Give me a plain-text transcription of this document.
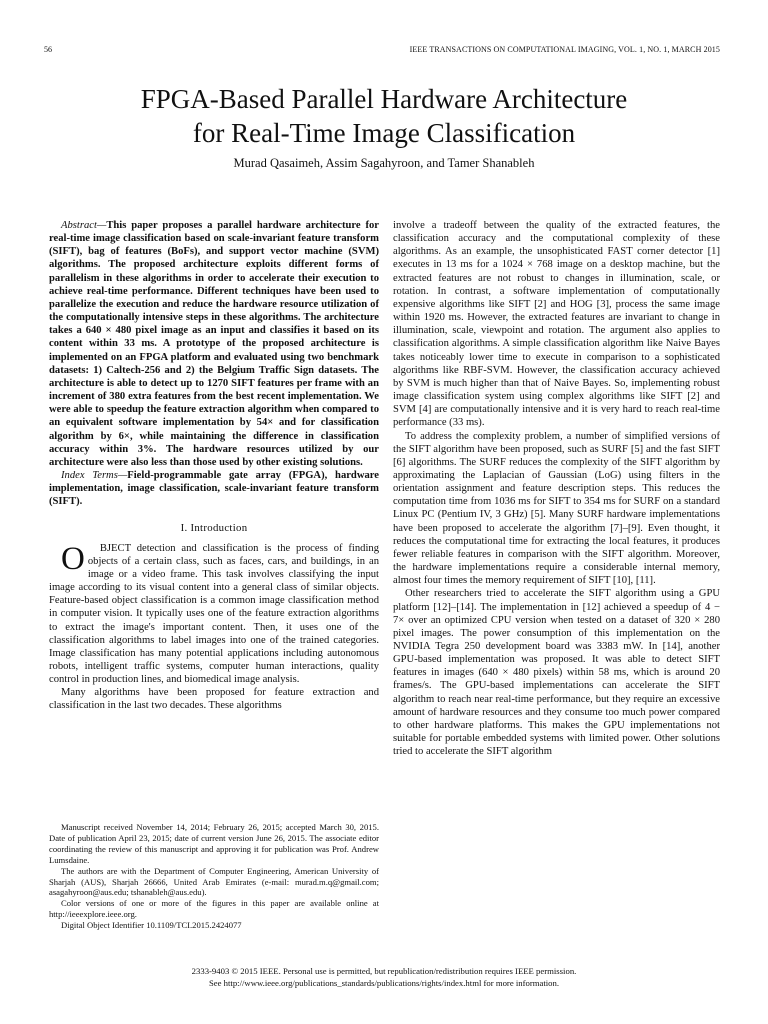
56	IEEE TRANSACTIONS ON COMPUTATIONAL IMAGING, VOL. 1, NO. 1, MARCH 2015
FPGA-Based Parallel Hardware Architecture
for Real-Time Image Classification
Murad Qasaimeh, Assim Sagahyroon, and Tamer Shanableh

Abstract—This paper proposes a parallel hardware architecture for real-time image classification based on scale-invariant feature transform (SIFT), bag of features (BoFs), and support vector machine (SVM) algorithms. The proposed architecture exploits different forms of parallelism in these algorithms in order to accelerate their execution to achieve real-time performance. Different techniques have been used to parallelize the execution and reduce the hardware resource utilization of the computationally intensive steps in these algorithms. The architecture takes a 640 × 480 pixel image as an input and classifies it based on its content within 33 ms. A prototype of the proposed architecture is implemented on an FPGA platform and evaluated using two benchmark datasets: 1) Caltech-256 and 2) the Belgium Traffic Sign datasets. The architecture is able to detect up to 1270 SIFT features per frame with an increment of 380 extra features from the best recent implementation. We were able to speedup the feature extraction algorithm when compared to an equivalent software implementation by 54× and for classification algorithm by 6×, while maintaining the difference in classification accuracy within 3%. The hardware resources utilized by our architecture were also less than those used by other existing solutions.

Index Terms—Field-programmable gate array (FPGA), hardware implementation, image classification, scale-invariant feature transform (SIFT).

I. Introduction

O BJECT detection and classification is the process of finding objects of a certain class, such as faces, cars, and buildings, in an image or a video frame. This task involves classifying the input image according to its visual content into a general class of similar objects. Feature-based object classification is a common image classification method in computer vision. It typically uses one of the feature extraction algorithms to extract the image's important content. Then, it uses one of the classification algorithms to label images into one of the trained categories. Image classification has many potential applications including autonomous robots, intelligent traffic systems, computer human interactions, quality control in production lines, and biomedical image analysis.

Many algorithms have been proposed for feature extraction and classification in the last two decades. These algorithms

Manuscript received November 14, 2014; February 26, 2015; accepted March 30, 2015. Date of publication April 23, 2015; date of current version June 26, 2015. The associate editor coordinating the review of this manuscript and approving it for publication was Prof. Andrew Lumsdaine.

The authors are with the Department of Computer Engineering, American University of Sharjah (AUS), Sharjah 26666, United Arab Emirates (e-mail: murad.m.q@gmail.com; asagahyroon@aus.edu; tshanableh@aus.edu).

Color versions of one or more of the figures in this paper are available online at http://ieeexplore.ieee.org.

Digital Object Identifier 10.1109/TCI.2015.2424077

involve a tradeoff between the quality of the extracted features, the classification accuracy and the computational complexity of these algorithms. As an example, the unsophisticated FAST corner detector [1] executes in 13 ms for a 1024 × 768 image on a desktop machine, but the extracted features are not robust to changes in illumination, scale, or rotation. In contrast, a software implementation of computationally expensive algorithms like SIFT [2] and HOG [3], process the same image within 1920 ms. However, the extracted features are invariant to change in illumination, scale, viewpoint and rotation. The argument also applies to classification algorithms. A simple classification algorithm like Naive Bayes takes noticeably lower time to execute in comparison to a sophisticated algorithms like RBF-SVM. However, the classification accuracy achieved by SVM is much higher than that of Naive Bayes. So, implementing robust image classification system using complex algorithms like SIFT [2] and SVM [4] are computationally intensive and it is very hard to reach real-time performance (33 ms).

To address the complexity problem, a number of simplified versions of the SIFT algorithm have been proposed, such as SURF [5] and the fast SIFT [6] algorithms. The SURF reduces the complexity of the SIFT algorithm by approximating the Laplacian of Gaussian (LoG) using filters in the orientation assignment and feature description steps. This reduces the computation time from 1036 ms for SIFT to 354 ms for SURF on a standard Linux PC (Pentium IV, 3 GHz) [5]. Many SURF hardware implementations have been proposed to accelerate the algorithm [7]–[9]. Even thought, it reduces the computational time for extracting the local features, it produces fewer reliable features in comparison with the SIFT algorithm. Moreover, the hardware implementations require a considerable internal memory, almost four times the memory requirement of SIFT [10], [11].

Other researchers tried to accelerate the SIFT algorithm using a GPU platform [12]–[14]. The implementation in [12] achieved a speedup of 4 − 7× over an optimized CPU version when tested on a dataset of 320 × 280 pixel images. The power consumption of this implementation on the NVIDIA Tegra 250 development board was 3383 mW. In [14], another GPU-based implementation was proposed. It was able to detect SIFT features in images (640 × 480 pixels) within 58 ms, which is around 20 frames/s. The GPU-based implementations can accelerate the SIFT algorithm to reach near real-time performance, but they require an excessive amount of hardware resources and they consume too much power compared to other hardware platforms. This makes the GPU implementations not suitable for portable embedded systems with limited power. Other solutions tried to accelerate the SIFT algorithm

2333-9403 © 2015 IEEE. Personal use is permitted, but republication/redistribution requires IEEE permission.
See http://www.ieee.org/publications_standards/publications/rights/index.html for more information.
